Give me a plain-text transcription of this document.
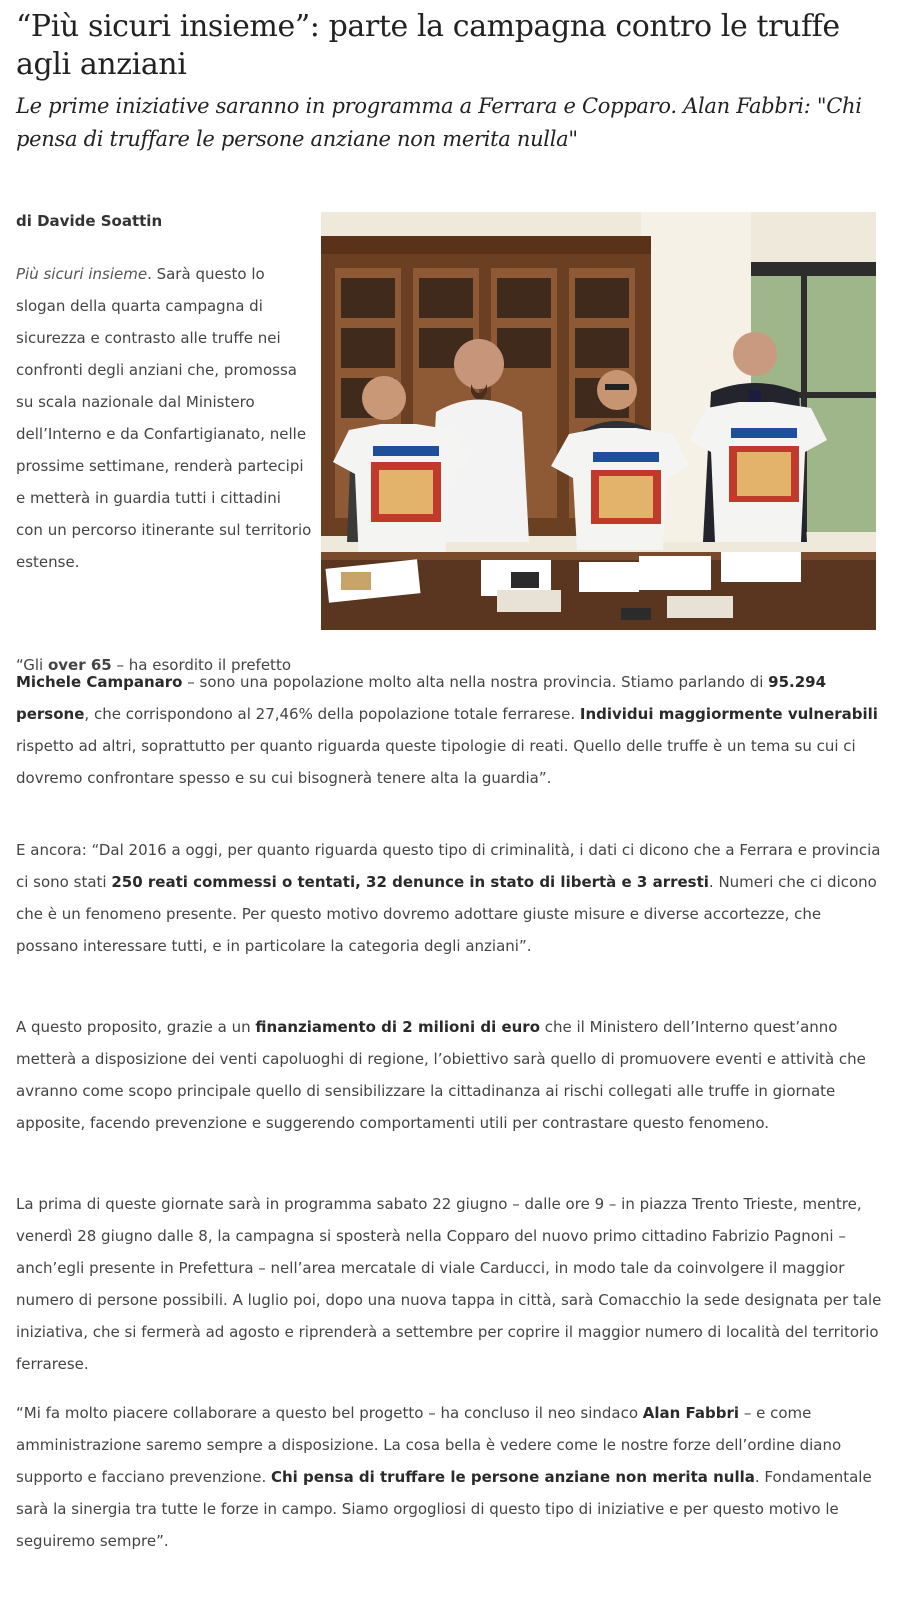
“Più sicuri insieme”: parte la campagna contro le truffe agli anziani

Le prime iniziative saranno in programma a Ferrara e Copparo. Alan Fabbri: "Chi pensa di truffare le persone anziane non merita nulla"

di Davide Soattin

Più sicuri insieme. Sarà questo lo slogan della quarta campagna di sicurezza e contrasto alle truffe nei confronti degli anziani che, promossa su scala nazionale dal Ministero dell’Interno e da Confartigianato, nelle prossime settimane, renderà partecipi e metterà in guardia tutti i cittadini con un percorso itinerante sul territorio estense.

“Gli over 65 – ha esordito il prefetto

Michele Campanaro – sono una popolazione molto alta nella nostra provincia. Stiamo parlando di 95.294 persone, che corrispondono al 27,46% della popolazione totale ferrarese. Individui maggiormente vulnerabili rispetto ad altri, soprattutto per quanto riguarda queste tipologie di reati. Quello delle truffe è un tema su cui ci dovremo confrontare spesso e su cui bisognerà tenere alta la guardia”.

E ancora: “Dal 2016 a oggi, per quanto riguarda questo tipo di criminalità, i dati ci dicono che a Ferrara e provincia ci sono stati 250 reati commessi o tentati, 32 denunce in stato di libertà e 3 arresti. Numeri che ci dicono che è un fenomeno presente. Per questo motivo dovremo adottare giuste misure e diverse accortezze, che possano interessare tutti, e in particolare la categoria degli anziani”.

A questo proposito, grazie a un finanziamento di 2 milioni di euro che il Ministero dell’Interno quest’anno metterà a disposizione dei venti capoluoghi di regione, l’obiettivo sarà quello di promuovere eventi e attività che avranno come scopo principale quello di sensibilizzare la cittadinanza ai rischi collegati alle truffe in giornate apposite, facendo prevenzione e suggerendo comportamenti utili per contrastare questo fenomeno.

La prima di queste giornate sarà in programma sabato 22 giugno – dalle ore 9 – in piazza Trento Trieste, mentre, venerdì 28 giugno dalle 8, la campagna si sposterà nella Copparo del nuovo primo cittadino Fabrizio Pagnoni – anch’egli presente in Prefettura – nell’area mercatale di viale Carducci, in modo tale da coinvolgere il maggior numero di persone possibili. A luglio poi, dopo una nuova tappa in città, sarà Comacchio la sede designata per tale iniziativa, che si fermerà ad agosto e riprenderà a settembre per coprire il maggior numero di località del territorio ferrarese.

“Mi fa molto piacere collaborare a questo bel progetto – ha concluso il neo sindaco Alan Fabbri – e come amministrazione saremo sempre a disposizione. La cosa bella è vedere come le nostre forze dell’ordine diano supporto e facciano prevenzione. Chi pensa di truffare le persone anziane non merita nulla. Fondamentale sarà la sinergia tra tutte le forze in campo. Siamo orgogliosi di questo tipo di iniziative e per questo motivo le seguiremo sempre”.
